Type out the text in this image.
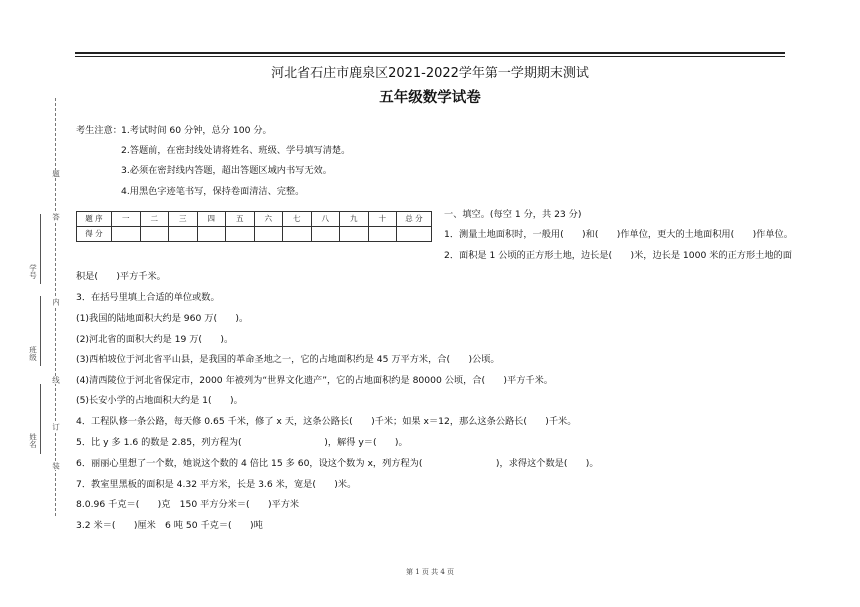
河北省石庄市鹿泉区2021-2022学年第一学期期末测试
五年级数学试卷
考生注意： 1.考试时间 60 分钟，总分 100 分。
2.答题前，在密封线处请将姓名、班级、学号填写清楚。
3.必须在密封线内答题，超出答题区域内书写无效。
4.用黑色字迹笔书写，保持卷面清洁、完整。
题
答
学号
内
班级
线
订
姓名
装
题 序	一	二	三	四	五	六	七	八	九	十	总 分
得 分											
一、填空。(每空 1 分，共 23 分)
1．测量土地面积时，一般用(　　)和(　　)作单位，更大的土地面积用(　　)作单位。
2．面积是 1 公顷的正方形土地，边长是(　　)米，边长是 1000 米的正方形土地的面
积是(　　)平方千米。
3．在括号里填上合适的单位或数。
(1)我国的陆地面积大约是 960 万(　　)。
(2)河北省的面积大约是 19 万(　　)。
(3)西柏坡位于河北省平山县，是我国的革命圣地之一，它的占地面积约是 45 万平方米，合(　　)公顷。
(4)清西陵位于河北省保定市，2000 年被列为“世界文化遗产”，它的占地面积约是 80000 公顷，合(　　)平方千米。
(5)长安小学的占地面积大约是 1(　　)。
4．工程队修一条公路，每天修 0.65 千米，修了 x 天，这条公路长(　　)千米；如果 x＝12，那么这条公路长(　　)千米。
5．比 y 多 1.6 的数是 2.85，列方程为(　　　　　　　　　)，解得 y＝(　　)。
6．丽丽心里想了一个数，她说这个数的 4 倍比 15 多 60，设这个数为 x，列方程为(　　　　　　　　)，求得这个数是(　　)。
7．教室里黑板的面积是 4.32 平方米，长是 3.6 米，宽是(　　)米。
8.0.96 千克＝(　　)克　150 平方分米＝(　　)平方米
3.2 米＝(　　)厘米　6 吨 50 千克＝(　　)吨
第 1 页 共 4 页
